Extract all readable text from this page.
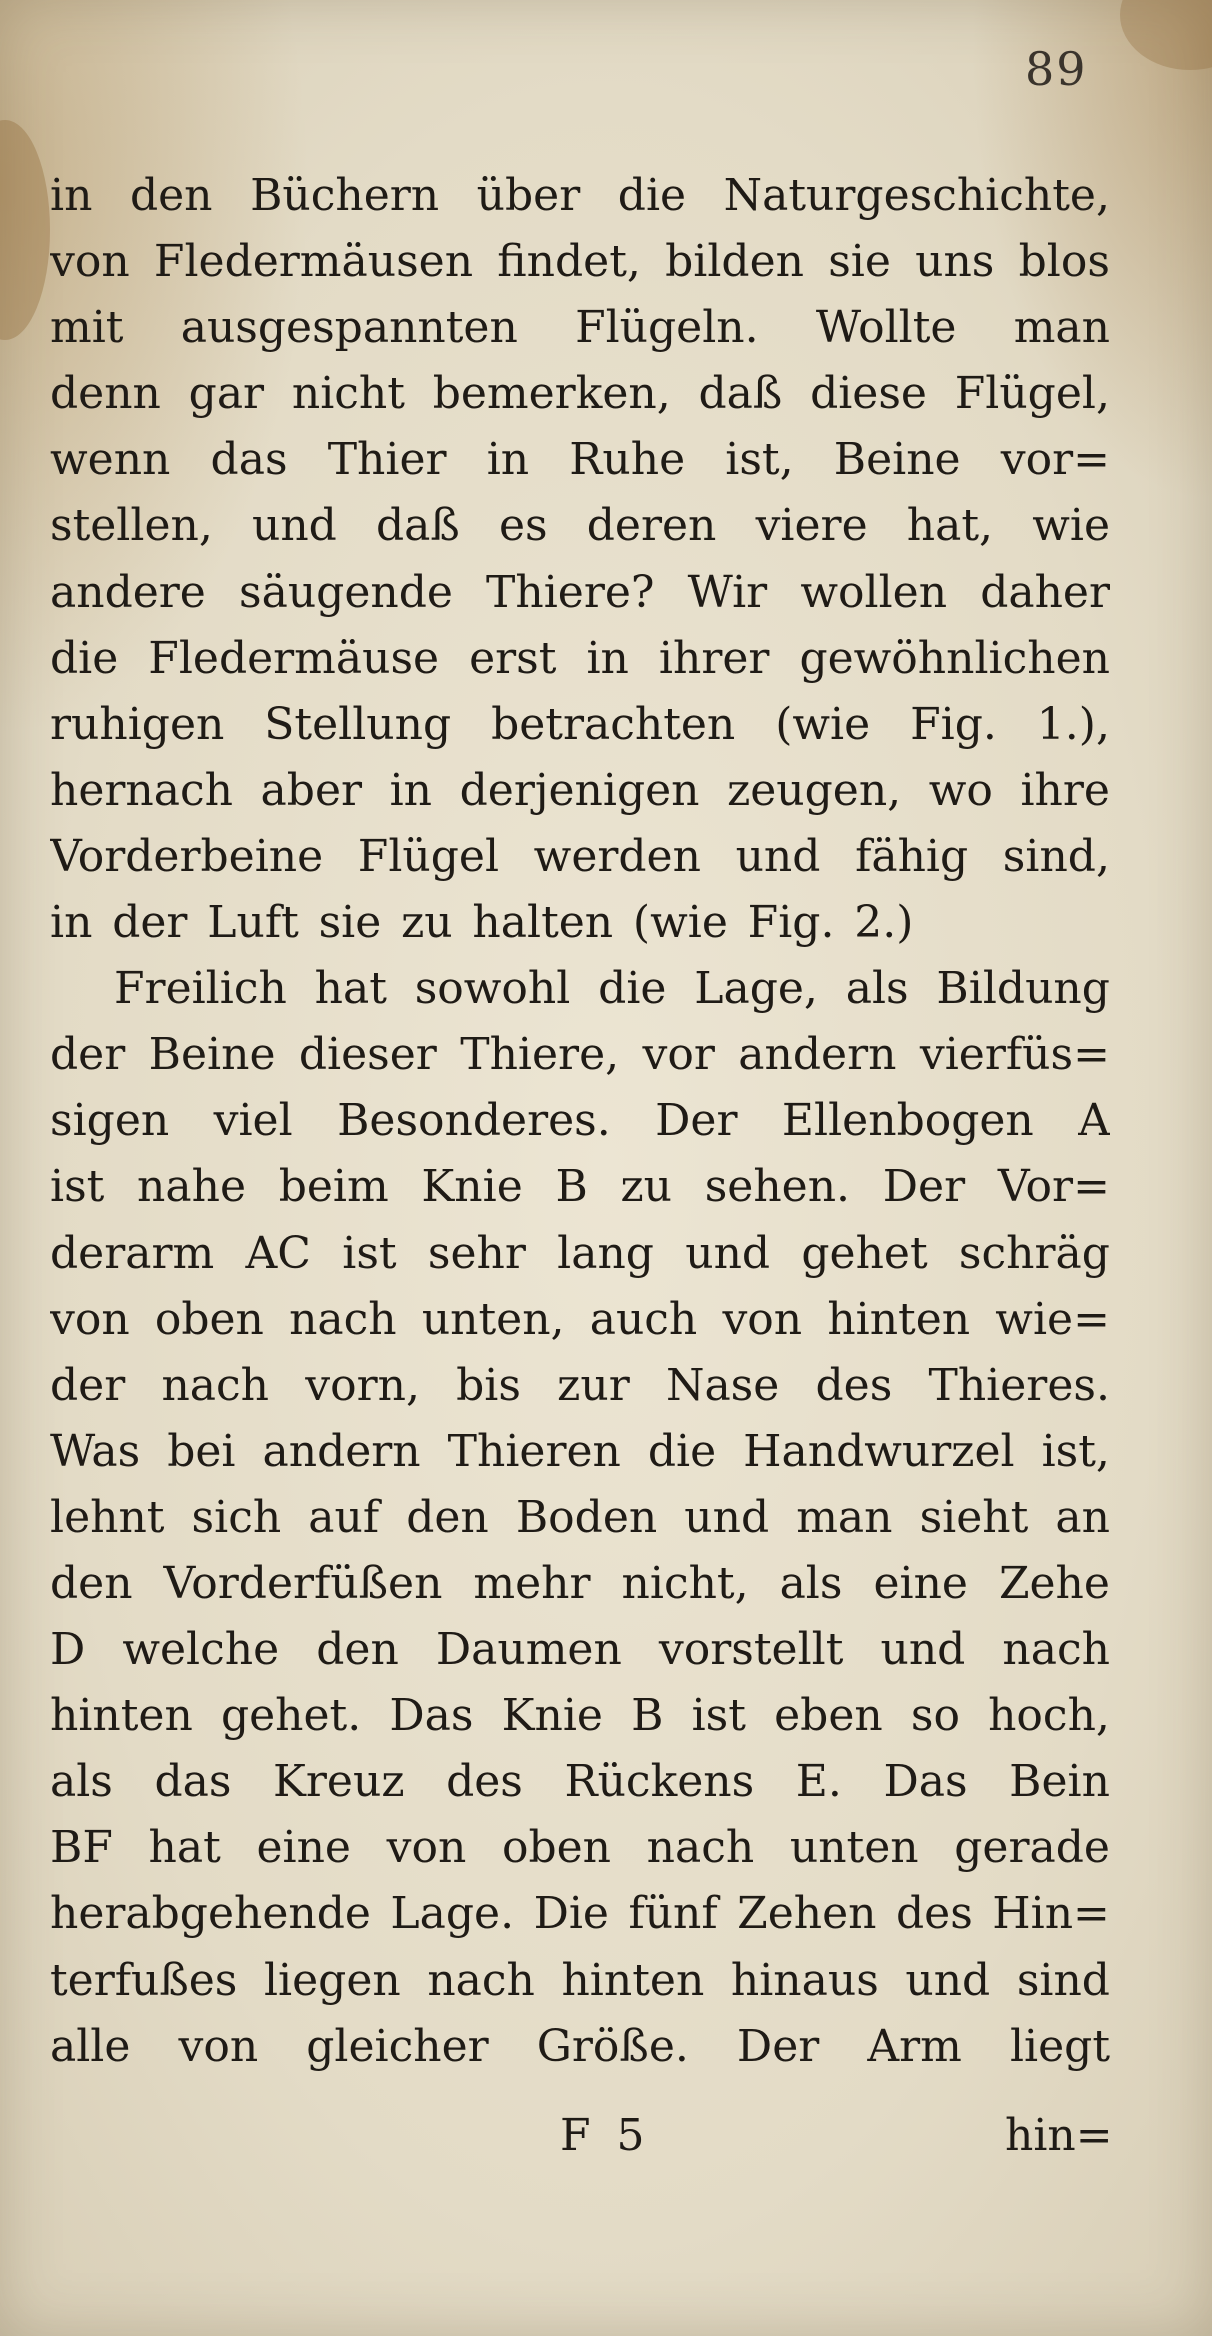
89
in den Büchern über die Naturgeschichte,
von Fledermäusen findet, bilden sie uns blos
mit ausgespannten Flügeln. Wollte man
denn gar nicht bemerken, daß diese Flügel,
wenn das Thier in Ruhe ist, Beine vor=
stellen, und daß es deren viere hat, wie
andere säugende Thiere? Wir wollen daher
die Fledermäuse erst in ihrer gewöhnlichen
ruhigen Stellung betrachten (wie Fig. 1.),
hernach aber in derjenigen zeugen, wo ihre
Vorderbeine Flügel werden und fähig sind,
in der Luft sie zu halten (wie Fig. 2.)
Freilich hat sowohl die Lage, als Bildung
der Beine dieser Thiere, vor andern vierfüs=
sigen viel Besonderes. Der Ellenbogen A
ist nahe beim Knie B zu sehen. Der Vor=
derarm AC ist sehr lang und gehet schräg
von oben nach unten, auch von hinten wie=
der nach vorn, bis zur Nase des Thieres.
Was bei andern Thieren die Handwurzel ist,
lehnt sich auf den Boden und man sieht an
den Vorderfüßen mehr nicht, als eine Zehe
D welche den Daumen vorstellt und nach
hinten gehet. Das Knie B ist eben so hoch,
als das Kreuz des Rückens E. Das Bein
BF hat eine von oben nach unten gerade
herabgehende Lage. Die fünf Zehen des Hin=
terfußes liegen nach hinten hinaus und sind
alle von gleicher Größe. Der Arm liegt
F 5	hin=
